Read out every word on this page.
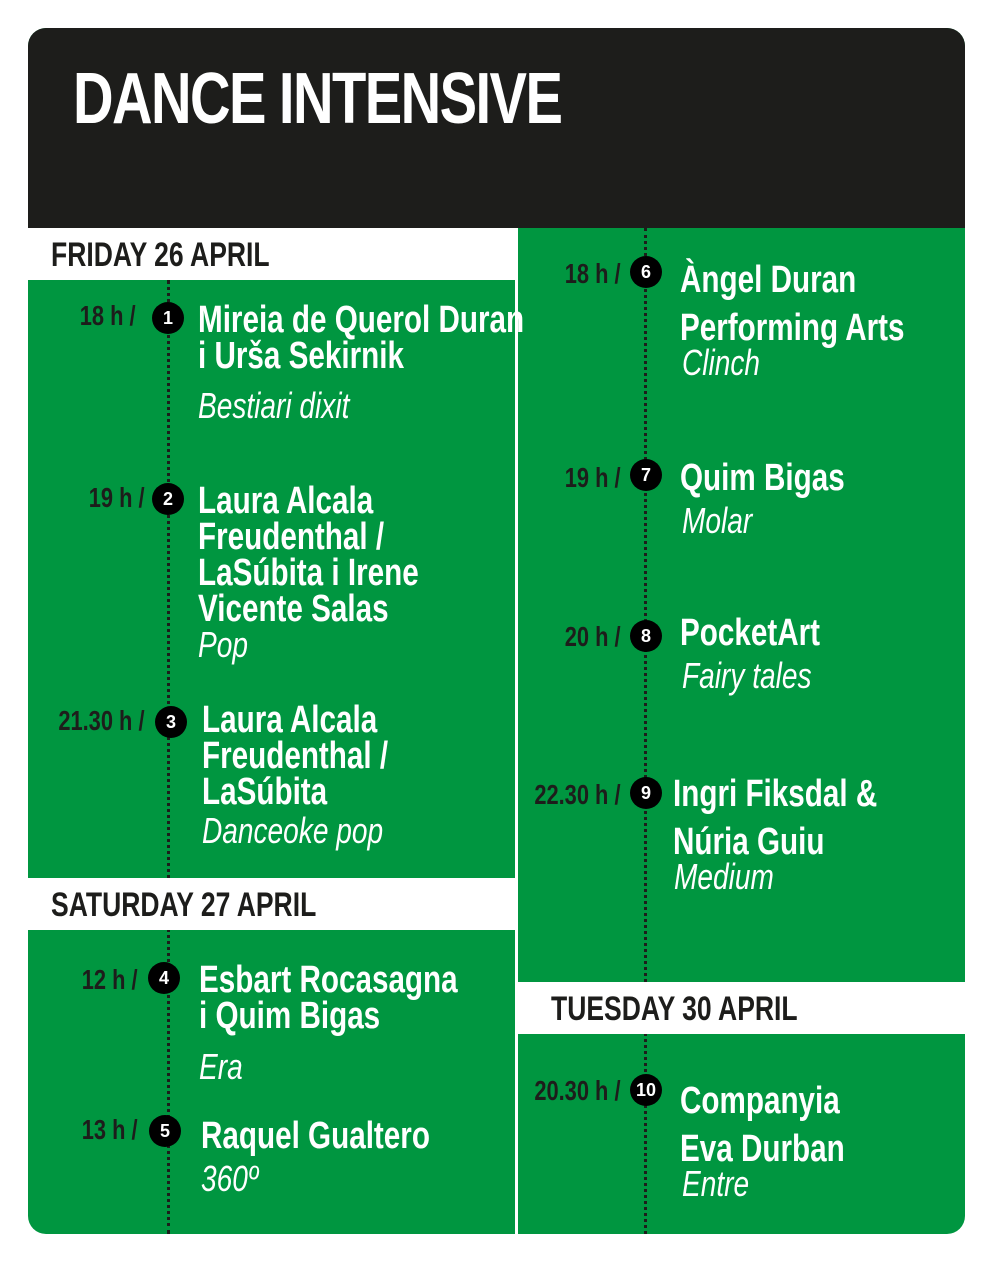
DANCE INTENSIVE
FRIDAY 26 APRIL
SATURDAY 27 APRIL
TUESDAY 30 APRIL
18 h /	1 Mireia de Querol Duran
i Urša Sekirnik
Bestiari dixit
19 h / 2 Laura Alcala
Freudenthal /
LaSúbita i Irene
Vicente Salas
Pop
21.30 h /	3 Laura Alcala
Freudenthal /
LaSúbita
Danceoke pop
12 h /	4 Esbart Rocasagna
i Quim Bigas
Era
13 h /	5 Raquel Gualtero
360º
18 h /	6 Àngel Duran
Performing Arts
Clinch
19 h /	7 Quim Bigas
Molar
20 h /	8 PocketArt
Fairy tales
22.30 h /	9 Ingri Fiksdal &
Núria Guiu
Medium
20.30 h / 10 Companyia
Eva Durban
Entre
